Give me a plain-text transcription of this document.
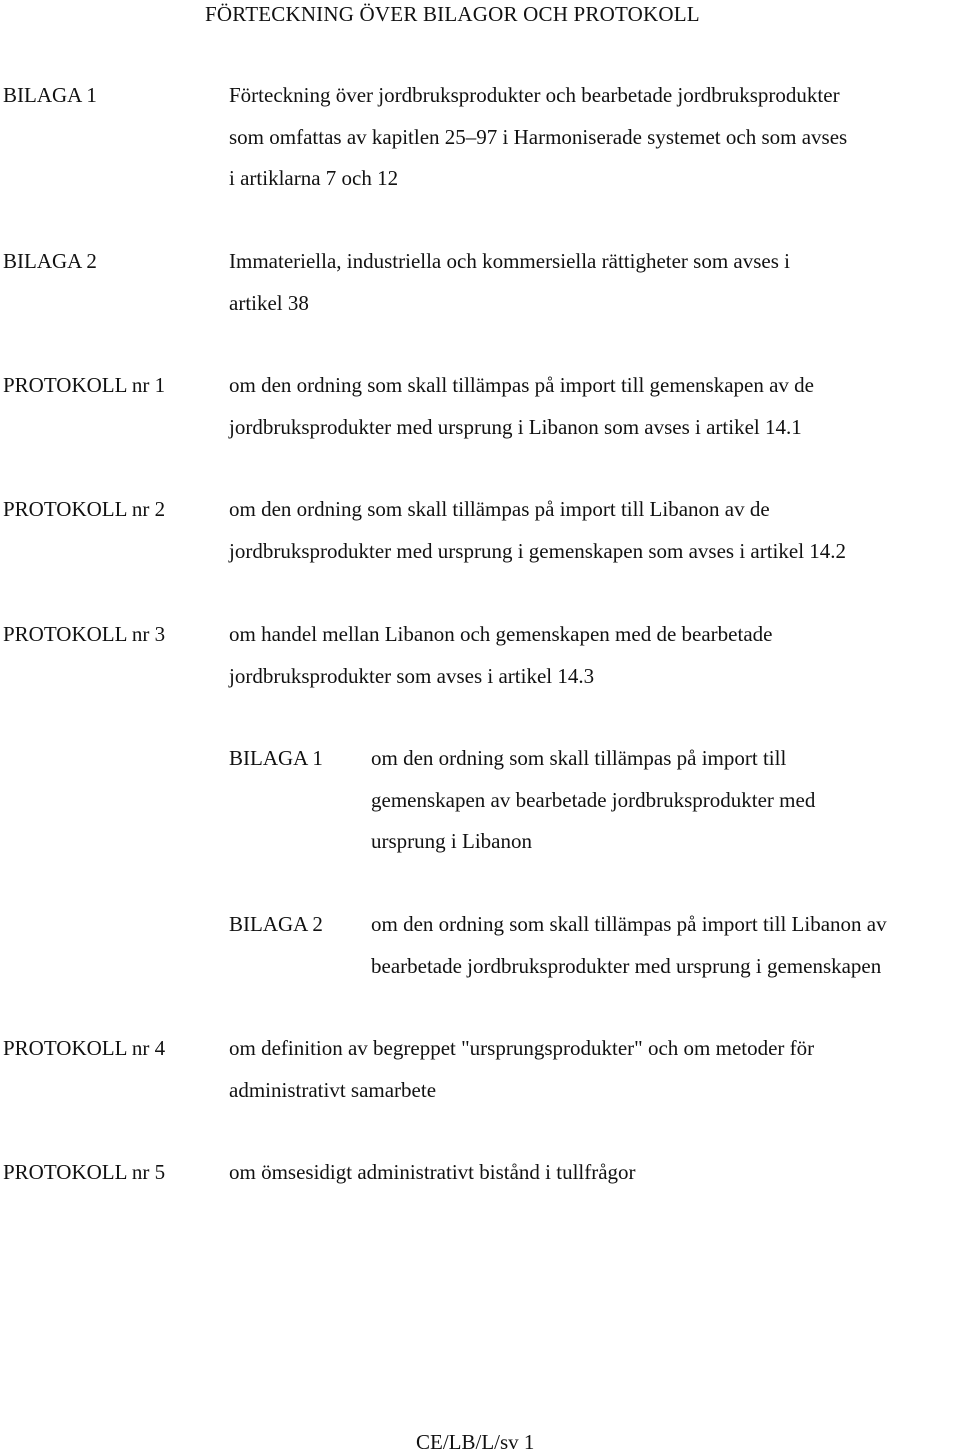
FÖRTECKNING ÖVER BILAGOR OCH PROTOKOLL
BILAGA 1	Förteckning över jordbruksprodukter och bearbetade jordbruksprodukter
som omfattas av kapitlen 25–97 i Harmoniserade systemet och som avses
i artiklarna 7 och 12
BILAGA 2	Immateriella, industriella och kommersiella rättigheter som avses i
artikel 38
PROTOKOLL nr 1	om den ordning som skall tillämpas på import till gemenskapen av de
jordbruksprodukter med ursprung i Libanon som avses i artikel 14.1
PROTOKOLL nr 2	om den ordning som skall tillämpas på import till Libanon av de
jordbruksprodukter med ursprung i gemenskapen som avses i artikel 14.2
PROTOKOLL nr 3	om handel mellan Libanon och gemenskapen med de bearbetade
jordbruksprodukter som avses i artikel 14.3
BILAGA 1 om den ordning som skall tillämpas på import till
gemenskapen av bearbetade jordbruksprodukter med
ursprung i Libanon
BILAGA 2 om den ordning som skall tillämpas på import till Libanon av
bearbetade jordbruksprodukter med ursprung i gemenskapen
PROTOKOLL nr 4	om definition av begreppet "ursprungsprodukter" och om metoder för
administrativt samarbete
PROTOKOLL nr 5	om ömsesidigt administrativt bistånd i tullfrågor
CE/LB/L/sv 1
